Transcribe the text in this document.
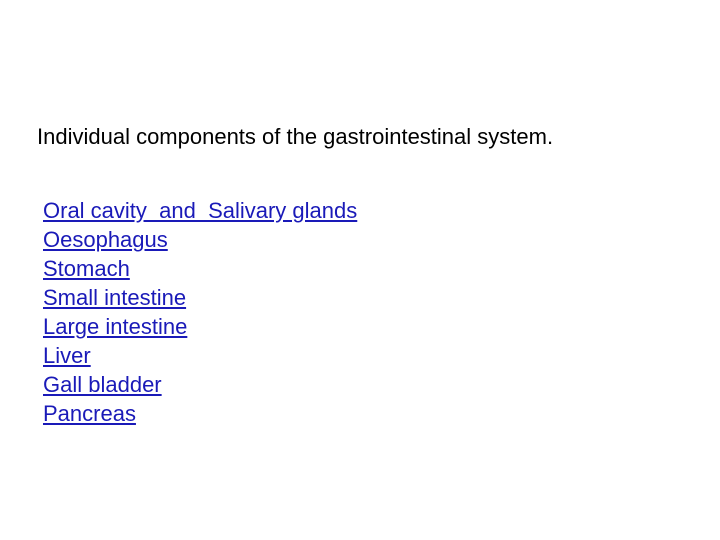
Individual components of the gastrointestinal system.

Oral cavity  and  Salivary glands
Oesophagus
Stomach
Small intestine
Large intestine
Liver
Gall bladder
Pancreas
